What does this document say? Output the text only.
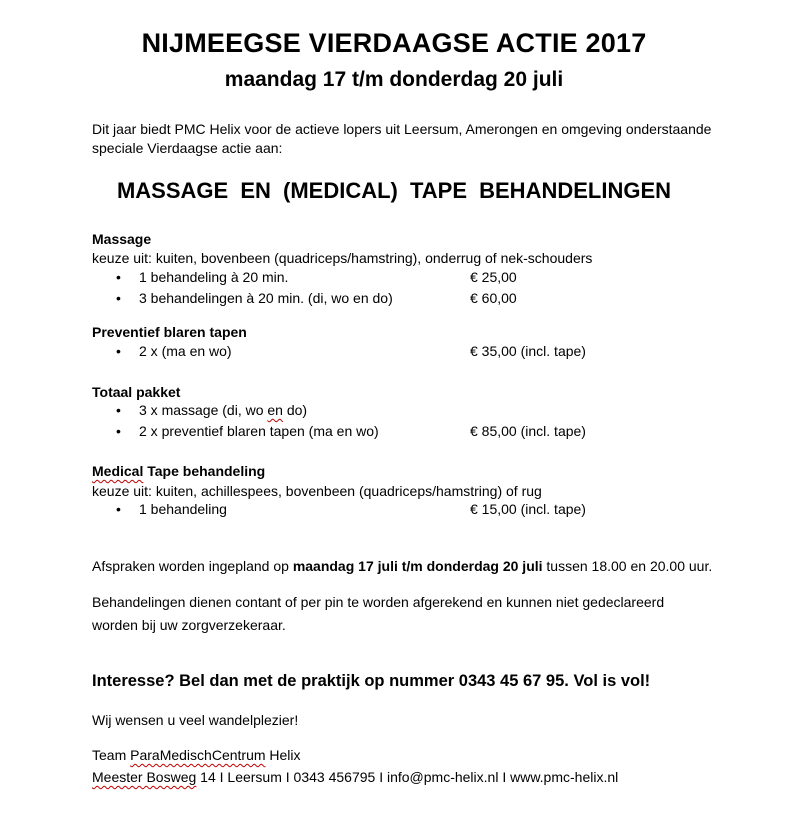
NIJMEEGSE VIERDAAGSE ACTIE 2017
maandag 17 t/m donderdag 20 juli
Dit jaar biedt PMC Helix voor de actieve lopers uit Leersum, Amerongen en omgeving onderstaande
speciale Vierdaagse actie aan:
MASSAGE EN (MEDICAL) TAPE BEHANDELINGEN
Massage
keuze uit: kuiten, bovenbeen (quadriceps/hamstring), onderrug of nek-schouders
• 1 behandeling à 20 min.	€ 25,00
• 3 behandelingen à 20 min. (di, wo en do)	€ 60,00
Preventief blaren tapen
• 2 x (ma en wo)	€ 35,00 (incl. tape)
Totaal pakket
• 3 x massage (di, wo en do)
• 2 x preventief blaren tapen (ma en wo)	€ 85,00 (incl. tape)
Medical Tape behandeling
keuze uit: kuiten, achillespees, bovenbeen (quadriceps/hamstring) of rug
• 1 behandeling	€ 15,00 (incl. tape)
Afspraken worden ingepland op maandag 17 juli t/m donderdag 20 juli tussen 18.00 en 20.00 uur.
Behandelingen dienen contant of per pin te worden afgerekend en kunnen niet gedeclareerd
worden bij uw zorgverzekeraar.
Interesse? Bel dan met de praktijk op nummer 0343 45 67 95. Vol is vol!
Wij wensen u veel wandelplezier!
Team ParaMedischCentrum Helix
Meester Bosweg 14 I Leersum I 0343 456795 I info@pmc-helix.nl I www.pmc-helix.nl
